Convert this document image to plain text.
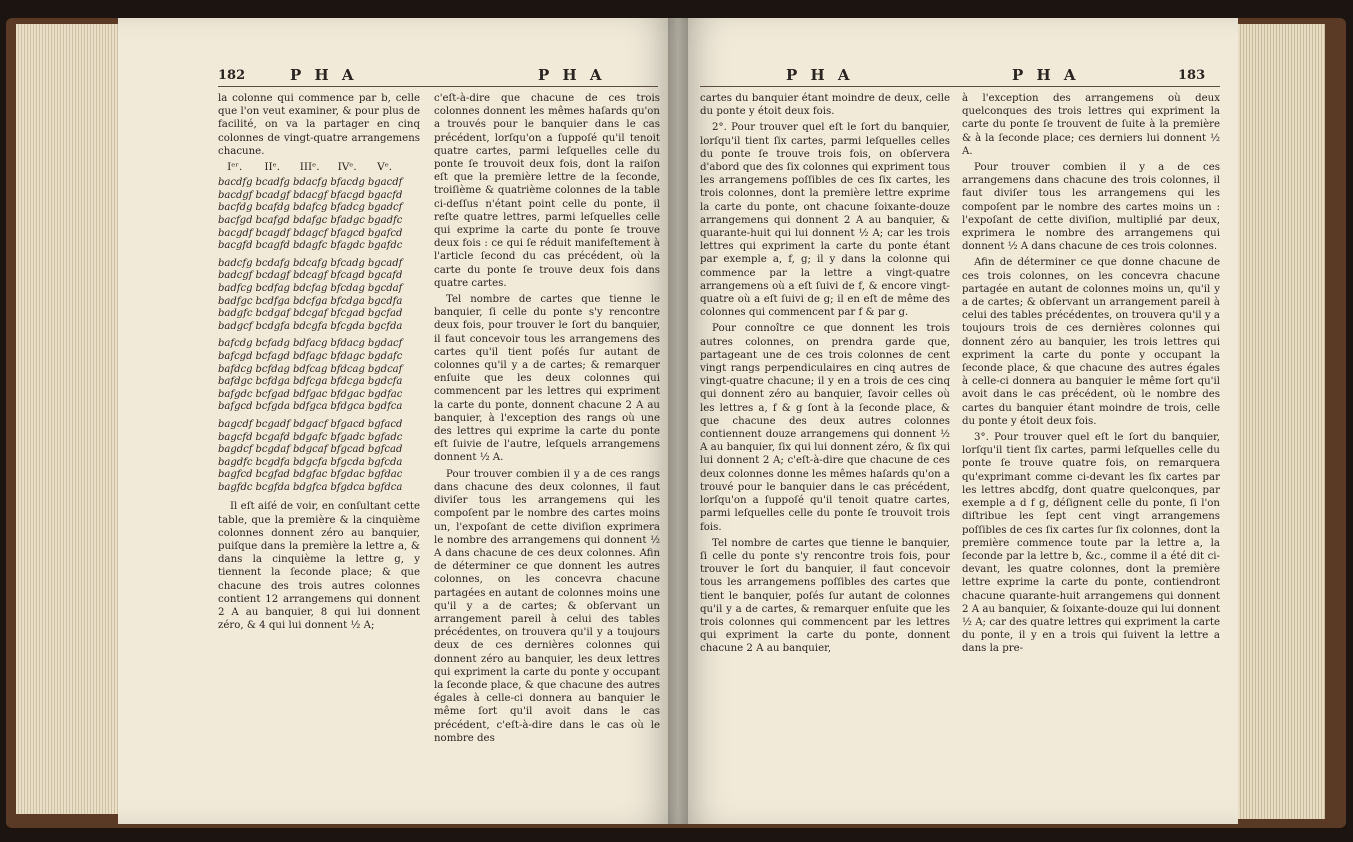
182	P H A	P H A

la colonne qui commence par b, celle que l'on veut examiner, & pour plus de facilité, on va la partager en cinq colonnes de vingt-quatre arrangemens chacune.

Iᵉʳ.	IIᵉ.	IIIᵉ.	IVᵉ.	Vᵉ.
bacdfg	bcadfg	bdacfg	bfacdg	bgacdf
bacdgf	bcadgf	bdacgf	bfacgd	bgacfd
bacfdg	bcafdg	bdafcg	bfadcg	bgadcf
bacfgd	bcafgd	bdafgc	bfadgc	bgadfc
bacgdf	bcagdf	bdagcf	bfagcd	bgafcd
bacgfd	bcagfd	bdagfc	bfagdc	bgafdc

badcfg	bcdafg	bdcafg	bfcadg	bgcadf
badcgf	bcdagf	bdcagf	bfcagd	bgcafd
badfcg	bcdfag	bdcfag	bfcdag	bgcdaf
badfgc	bcdfga	bdcfga	bfcdga	bgcdfa
badgfc	bcdgaf	bdcgaf	bfcgad	bgcfad
badgcf	bcdgfa	bdcgfa	bfcgda	bgcfda

bafcdg	bcfadg	bdfacg	bfdacg	bgdacf
bafcgd	bcfagd	bdfagc	bfdagc	bgdafc
bafdcg	bcfdag	bdfcag	bfdcag	bgdcaf
bafdgc	bcfdga	bdfcga	bfdcga	bgdcfa
bafgdc	bcfgad	bdfgac	bfdgac	bgdfac
bafgcd	bcfgda	bdfgca	bfdgca	bgdfca

bagcdf	bcgadf	bdgacf	bfgacd	bgfacd
bagcfd	bcgafd	bdgafc	bfgadc	bgfadc
bagdcf	bcgdaf	bdgcaf	bfgcad	bgfcad
bagdfc	bcgdfa	bdgcfa	bfgcda	bgfcda
bagfcd	bcgfad	bdgfac	bfgdac	bgfdac
bagfdc	bcgfda	bdgfca	bfgdca	bgfdca

Il eſt aiſé de voir, en conſultant cette table, que la première & la cinquième colonnes donnent zéro au banquier, puiſque dans la première la lettre a, & dans la cinquième la lettre g, y tiennent la ſeconde place; & que chacune des trois autres colonnes contient 12 arrangemens qui donnent 2 A au banquier, 8 qui lui donnent zéro, & 4 qui lui donnent ½ A;

c'eſt-à-dire que chacune de ces trois colonnes donnent les mêmes haſards qu'on a trouvés pour le banquier dans le cas précédent, lorſqu'on a ſuppoſé qu'il tenoit quatre cartes, parmi leſquelles celle du ponte ſe trouvoit deux fois, dont la raiſon eſt que la première lettre de la ſeconde, troiſième & quatrième colonnes de la table ci-deſſus n'étant point celle du ponte, il reſte quatre lettres, parmi leſquelles celle qui exprime la carte du ponte ſe trouve deux fois : ce qui ſe réduit manifeſtement à l'article ſecond du cas précédent, où la carte du ponte ſe trouve deux fois dans quatre cartes.

Tel nombre de cartes que tienne le banquier, ſi celle du ponte s'y rencontre deux fois, pour trouver le ſort du banquier, il faut concevoir tous les arrangemens des cartes qu'il tient poſés ſur autant de colonnes qu'il y a de cartes; & remarquer enſuite que les deux colonnes qui commencent par les lettres qui expriment la carte du ponte, donnent chacune 2 A au banquier, à l'exception des rangs où une des lettres qui exprime la carte du ponte eſt ſuivie de l'autre, leſquels arrangemens donnent ½ A.

Pour trouver combien il y a de ces rangs dans chacune des deux colonnes, il faut diviſer tous les arrangemens qui les compoſent par le nombre des cartes moins un, l'expoſant de cette diviſion exprimera le nombre des arrangemens qui donnent ½ A dans chacune de ces deux colonnes. Afin de déterminer ce que donnent les autres colonnes, on les concevra chacune partagées en autant de colonnes moins une qu'il y a de cartes; & obſervant un arrangement pareil à celui des tables précédentes, on trouvera qu'il y a toujours deux de ces dernières colonnes qui donnent zéro au banquier, les deux lettres qui expriment la carte du ponte y occupant la ſeconde place, & que chacune des autres égales à celle-ci donnera au banquier le même ſort qu'il avoit dans le cas précédent, c'eſt-à-dire dans le cas où le nombre des

P H A	P H A	183

cartes du banquier étant moindre de deux, celle du ponte y étoit deux fois.

2°. Pour trouver quel eſt le ſort du banquier, lorſqu'il tient ſix cartes, parmi leſquelles celles du ponte ſe trouve trois fois, on obſervera d'abord que des ſix colonnes qui expriment tous les arrangemens poſſibles de ces ſix cartes, les trois colonnes, dont la première lettre exprime la carte du ponte, ont chacune ſoixante-douze arrangemens qui donnent 2 A au banquier, & quarante-huit qui lui donnent ½ A; car les trois lettres qui expriment la carte du ponte étant par exemple a, f, g; il y dans la colonne qui commence par la lettre a vingt-quatre arrangemens où a eſt ſuivi de f, & encore vingt-quatre où a eſt ſuivi de g; il en eſt de même des colonnes qui commencent par f & par g.

Pour connoître ce que donnent les trois autres colonnes, on prendra garde que, partageant une de ces trois colonnes de cent vingt rangs perpendiculaires en cinq autres de vingt-quatre chacune; il y en a trois de ces cinq qui donnent zéro au banquier, ſavoir celles où les lettres a, f & g ſont à la ſeconde place, & que chacune des deux autres colonnes contiennent douze arrangemens qui donnent ½ A au banquier, ſix qui lui donnent zéro, & ſix qui lui donnent 2 A; c'eſt-à-dire que chacune de ces deux colonnes donne les mêmes haſards qu'on a trouvé pour le banquier dans le cas précédent, lorſqu'on a ſuppoſé qu'il tenoit quatre cartes, parmi leſquelles celle du ponte ſe trouvoit trois fois.

Tel nombre de cartes que tienne le banquier, ſi celle du ponte s'y rencontre trois fois, pour trouver le ſort du banquier, il faut concevoir tous les arrangemens poſſibles des cartes que tient le banquier, poſés ſur autant de colonnes qu'il y a de cartes, & remarquer enſuite que les trois colonnes qui commencent par les lettres qui expriment la carte du ponte, donnent chacune 2 A au banquier,

à l'exception des arrangemens où deux quelconques des trois lettres qui expriment la carte du ponte ſe trouvent de ſuite à la première & à la ſeconde place; ces derniers lui donnent ½ A.

Pour trouver combien il y a de ces arrangemens dans chacune des trois colonnes, il faut diviſer tous les arrangemens qui les compoſent par le nombre des cartes moins un : l'expoſant de cette diviſion, multiplié par deux, exprimera le nombre des arrangemens qui donnent ½ A dans chacune de ces trois colonnes.

Afin de déterminer ce que donne chacune de ces trois colonnes, on les concevra chacune partagée en autant de colonnes moins un, qu'il y a de cartes; & obſervant un arrangement pareil à celui des tables précédentes, on trouvera qu'il y a toujours trois de ces dernières colonnes qui donnent zéro au banquier, les trois lettres qui expriment la carte du ponte y occupant la ſeconde place, & que chacune des autres égales à celle-ci donnera au banquier le même ſort qu'il avoit dans le cas précédent, où le nombre des cartes du banquier étant moindre de trois, celle du ponte y étoit deux fois.

3°. Pour trouver quel eſt le ſort du banquier, lorſqu'il tient ſix cartes, parmi leſquelles celle du ponte ſe trouve quatre fois, on remarquera qu'exprimant comme ci-devant les ſix cartes par les lettres abcdfg, dont quatre quelconques, par exemple a d f g, déſignent celle du ponte, ſi l'on diſtribue les ſept cent vingt arrangemens poſſibles de ces ſix cartes ſur ſix colonnes, dont la première commence toute par la lettre a, la ſeconde par la lettre b, &c., comme il a été dit ci-devant, les quatre colonnes, dont la première lettre exprime la carte du ponte, contiendront chacune quarante-huit arrangemens qui donnent 2 A au banquier, & ſoixante-douze qui lui donnent ½ A; car des quatre lettres qui expriment la carte du ponte, il y en a trois qui ſuivent la lettre a dans la pre-
